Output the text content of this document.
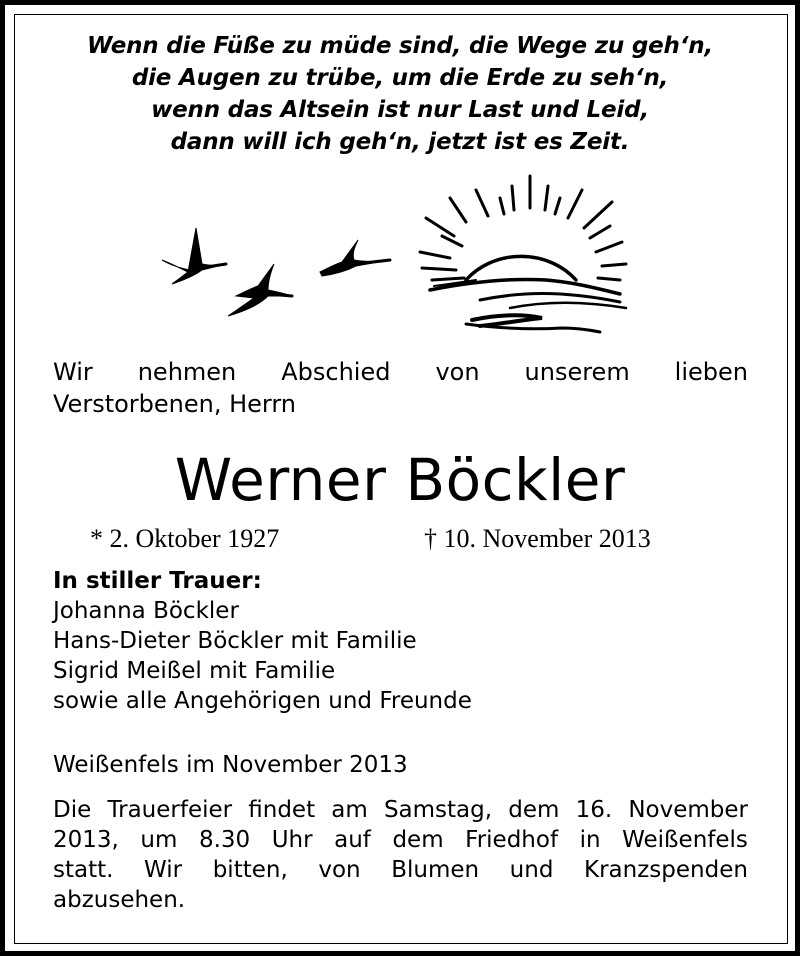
Wenn die Füße zu müde sind, die Wege zu geh‘n,
die Augen zu trübe, um die Erde zu seh‘n,
wenn das Altsein ist nur Last und Leid,
dann will ich geh‘n, jetzt ist es Zeit.
Wir nehmen Abschied von unserem lieben
Verstorbenen, Herrn
Werner Böckler
* 2. Oktober 1927	† 10. November 2013
In stiller Trauer:
Johanna Böckler
Hans-Dieter Böckler mit Familie
Sigrid Meißel mit Familie
sowie alle Angehörigen und Freunde
Weißenfels im November 2013
Die Trauerfeier findet am Samstag, dem 16. November
2013, um 8.30 Uhr auf dem Friedhof in Weißenfels
statt. Wir bitten, von Blumen und Kranzspenden
abzusehen.
